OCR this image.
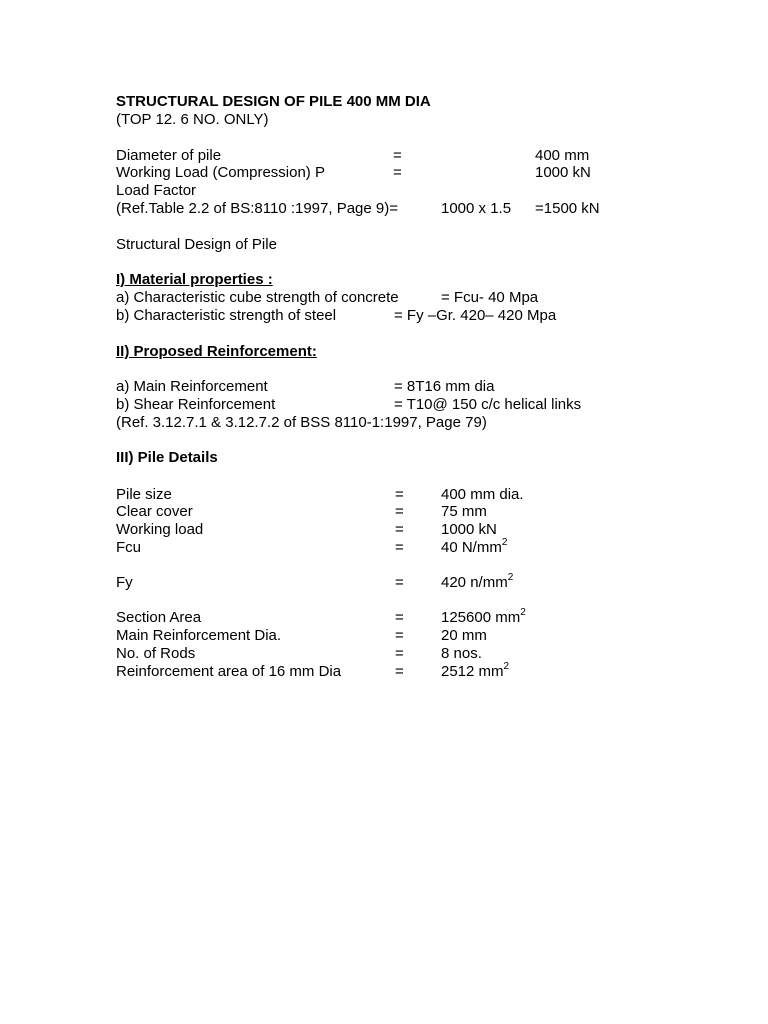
STRUCTURAL DESIGN OF PILE 400 MM DIA
(TOP 12. 6 NO. ONLY)
Diameter of pile	=	400 mm
Working Load (Compression) P	=	1000 kN
Load Factor
(Ref.Table 2.2 of BS:8110 :1997, Page 9)=	1000 x 1.5 =1500 kN
Structural Design of Pile
I) Material properties :
a) Characteristic cube strength of concrete	= Fcu- 40 Mpa
b) Characteristic strength of steel	= Fy –Gr. 420– 420 Mpa
II) Proposed Reinforcement:
a) Main Reinforcement	= 8T16 mm dia
b) Shear Reinforcement	= T10@ 150 c/c helical links
(Ref. 3.12.7.1 & 3.12.7.2 of BSS 8110-1:1997, Page 79)
III) Pile Details
Pile size	= 400 mm dia.
Clear cover	= 75 mm
Working load	= 1000 kN
Fcu	= 40 $N/mm^2$
Fy	= 420 $n/mm^2$
Section Area	= 125600 $mm^2$
Main Reinforcement Dia.	= 20 mm
No. of Rods	= 8 nos.
Reinforcement area of 16 mm Dia	= 2512 $mm^2$
